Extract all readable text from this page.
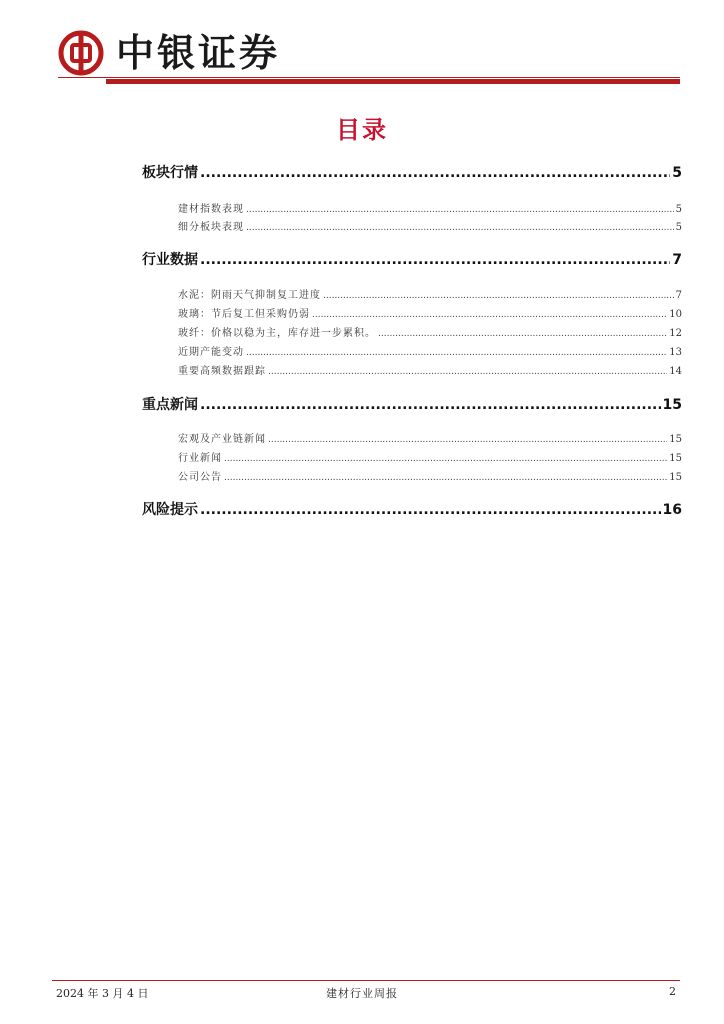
中银证券
目录
板块行情 .....	5
建材指数表现 .....	5
细分板块表现 .....	5
行业数据 .....	7
水泥：阴雨天气抑制复工进度 .....	7
玻璃：节后复工但采购仍弱 .....	10
玻纤：价格以稳为主，库存进一步累积。 .....	12
近期产能变动 .....	13
重要高频数据跟踪 .....	14
重点新闻 .....	15
宏观及产业链新闻 .....	15
行业新闻 .....	15
公司公告 .....	15
风险提示 .....	16
2024 年 3 月 4 日	建材行业周报	2
